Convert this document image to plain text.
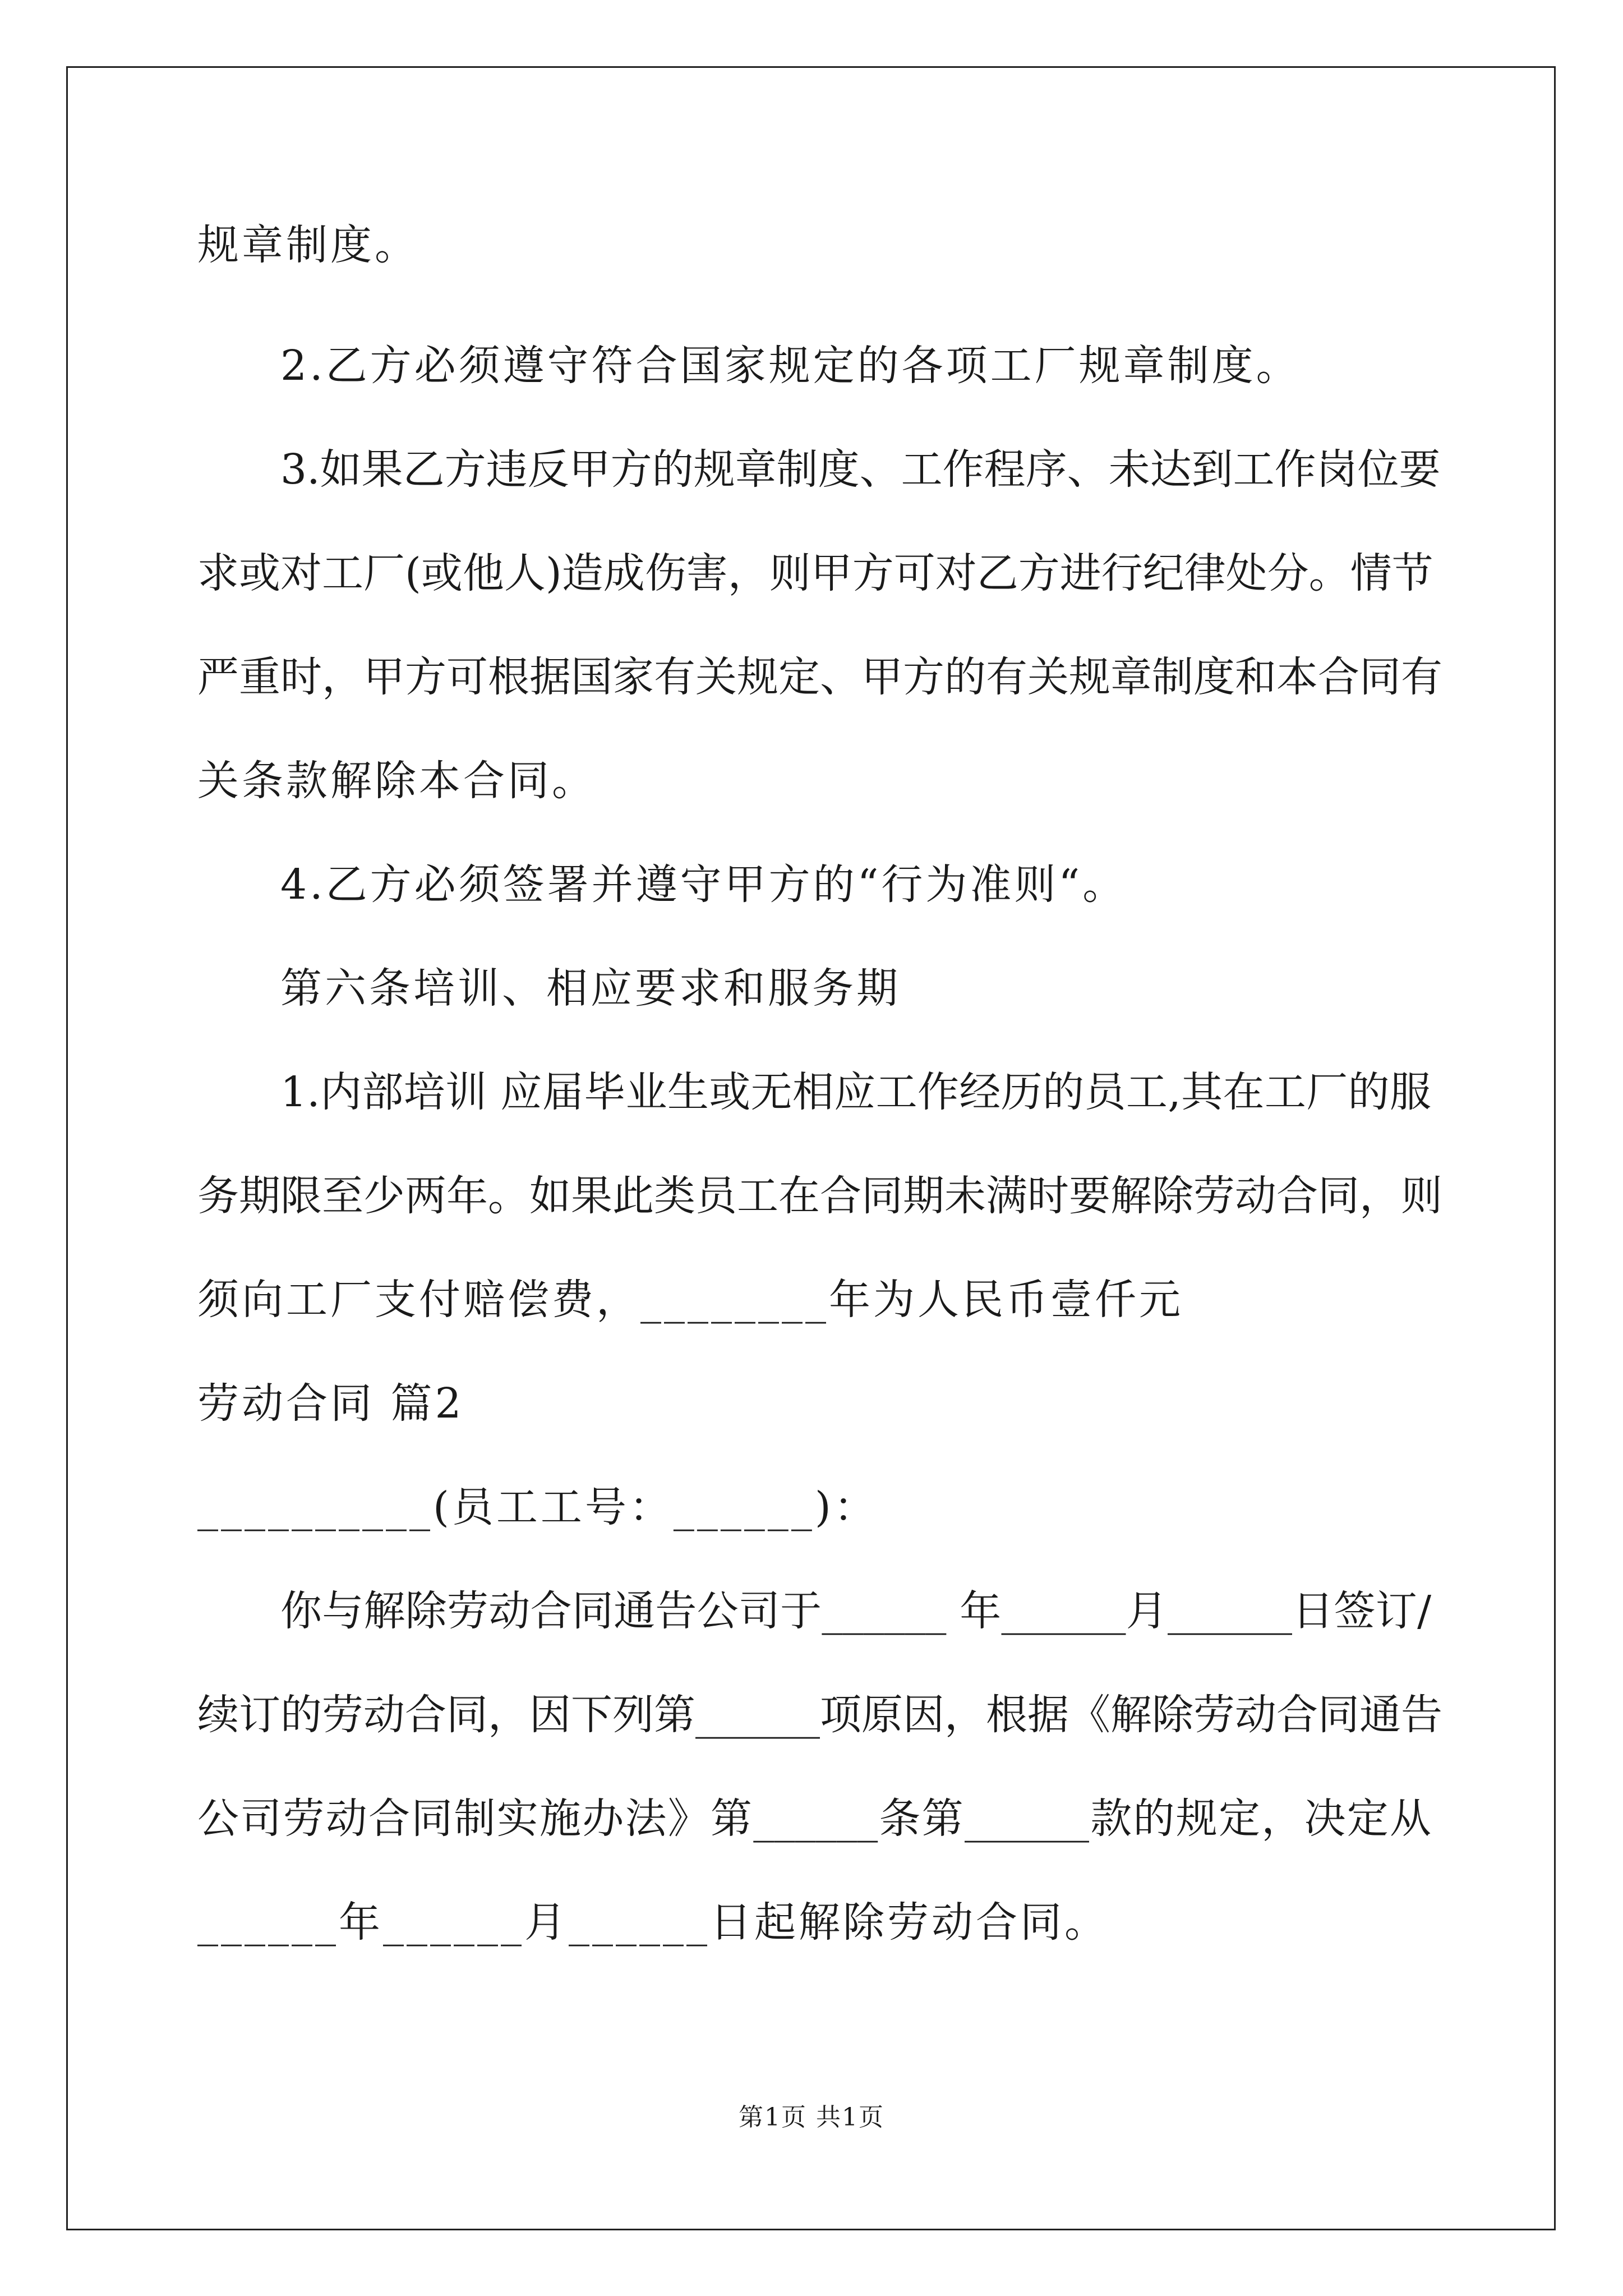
规章制度。
2.乙方必须遵守符合国家规定的各项工厂规章制度。
3.如果乙方违反甲方的规章制度、工作程序、未达到工作岗位要
求或对工厂(或他人)造成伤害，则甲方可对乙方进行纪律处分。情节
严重时，甲方可根据国家有关规定、甲方的有关规章制度和本合同有
关条款解除本合同。
4.乙方必须签署并遵守甲方的“行为准则“。
第六条培训、相应要求和服务期
1.内部培训 应届毕业生或无相应工作经历的员工,其在工厂的服
务期限至少两年。如果此类员工在合同期未满时要解除劳动合同，则
须向工厂支付赔偿费，________年为人民币壹仟元
劳动合同 篇2
__________(员工工号：______)：
你与解除劳动合同通告公司于______ 年______月______日签订/
续订的劳动合同，因下列第______项原因，根据《解除劳动合同通告
公司劳动合同制实施办法》第______条第______款的规定，决定从
______年______月______日起解除劳动合同。
第1页 共1页
